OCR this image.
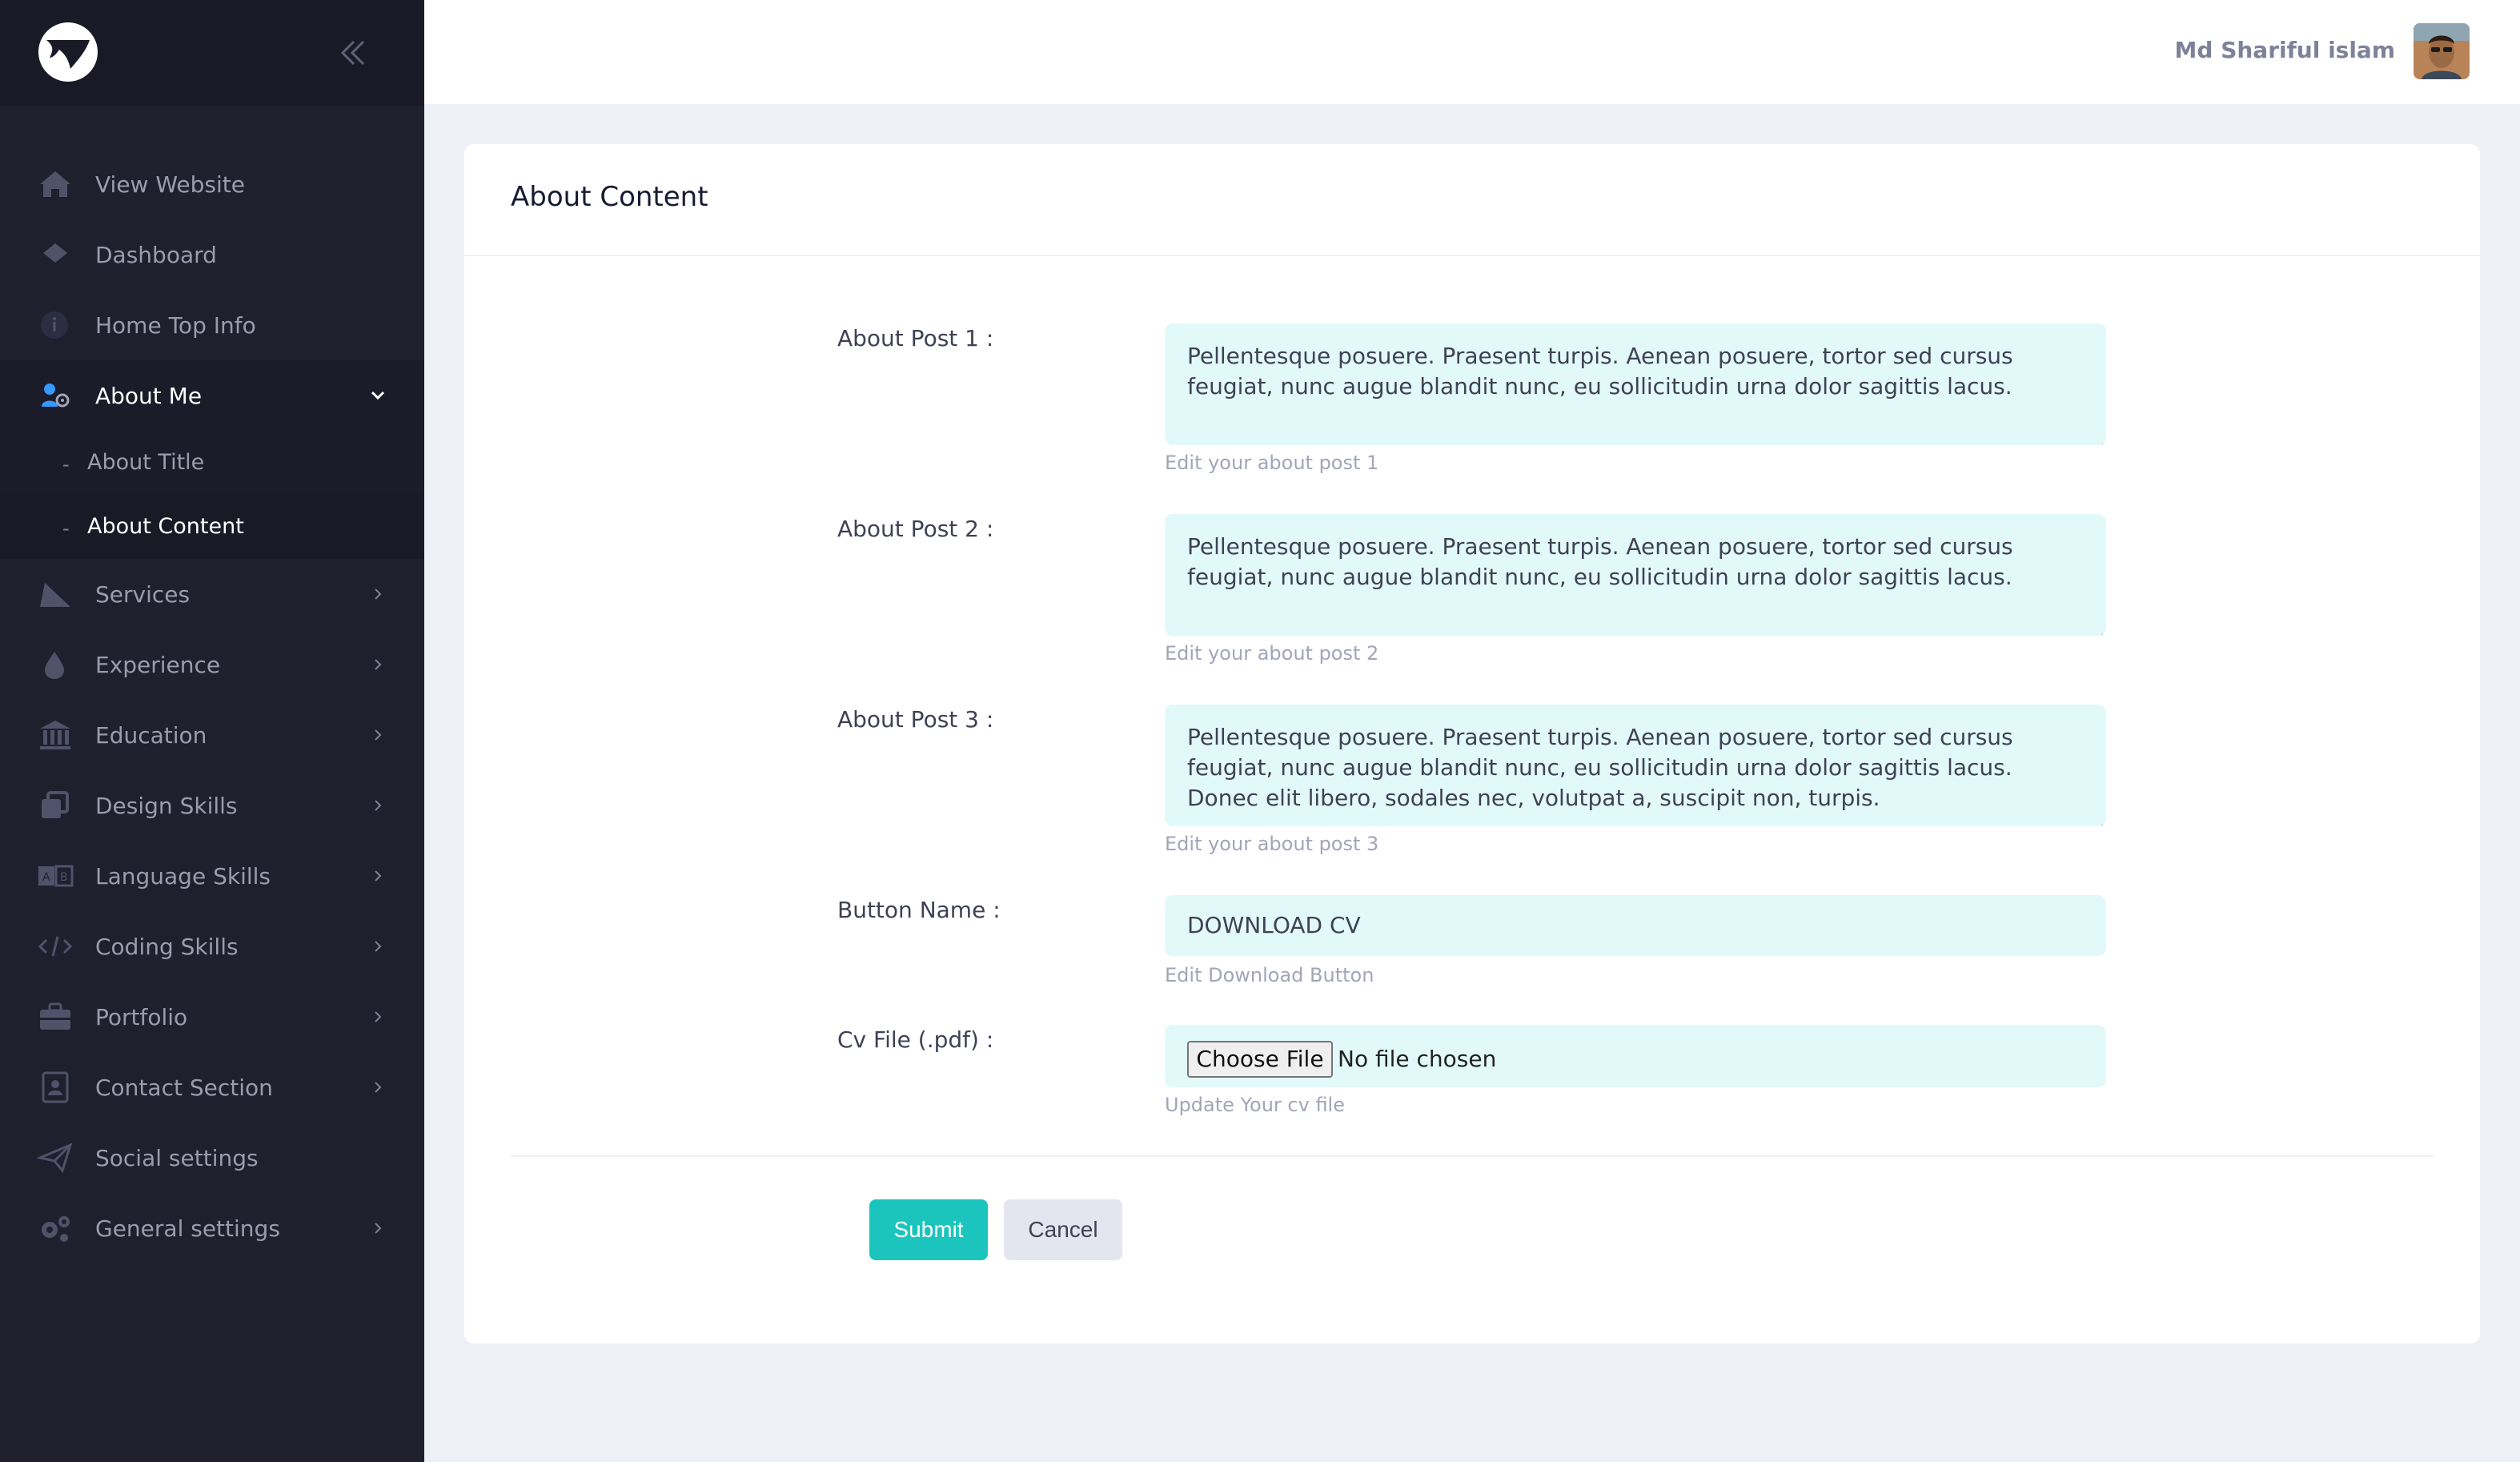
View Website
Dashboard
Home Top Info
About Me
- About Title
- About Content
Services
Experience
Education
Design Skills
A B Language Skills
Coding Skills
Portfolio
Contact Section
Social settings
General settings
Md Shariful islam
About Content
About Post 1 :
Pellentesque posuere. Praesent turpis. Aenean posuere, tortor sed cursus feugiat, nunc augue blandit nunc, eu sollicitudin urna dolor sagittis lacus.
Edit your about post 1
About Post 2 :
Pellentesque posuere. Praesent turpis. Aenean posuere, tortor sed cursus feugiat, nunc augue blandit nunc, eu sollicitudin urna dolor sagittis lacus.
Edit your about post 2
About Post 3 :
Pellentesque posuere. Praesent turpis. Aenean posuere, tortor sed cursus feugiat, nunc augue blandit nunc, eu sollicitudin urna dolor sagittis lacus. Donec elit libero, sodales nec, volutpat a, suscipit non, turpis.
Edit your about post 3
Button Name :
DOWNLOAD CV
Edit Download Button
Cv File (.pdf) :
Choose File No file chosen
Update Your cv file
Submit	Cancel
